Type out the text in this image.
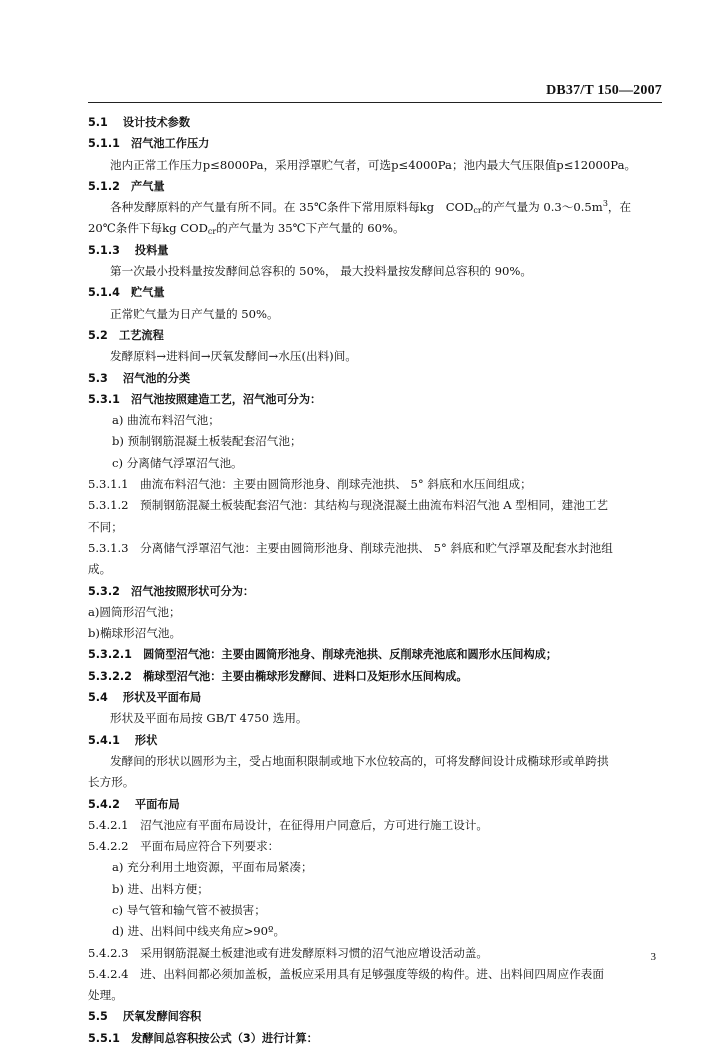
DB37/T 150—2007
5.1　 设计技术参数
5.1.1　沼气池工作压力
池内正常工作压力p≤8000Pa，采用浮罩贮气者，可选p≤4000Pa；池内最大气压限值p≤12000Pa。
5.1.2　产气量
各种发酵原料的产气量有所不同。在 35℃条件下常用原料每kg　$COD_{cr}$的产气量为 $0.3\sim 0.5m^3$，在
20℃条件下每kg $COD_{cr}$的产气量为 35℃下产气量的 60%。
5.1.3　 投料量
第一次最小投料量按发酵间总容积的 50%， 最大投料量按发酵间总容积的 90%。
5.1.4　贮气量
正常贮气量为日产气量的 50%。
5.2　工艺流程
发酵原料→进料间→厌氧发酵间→水压(出料)间。
5.3　 沼气池的分类
5.3.1　沼气池按照建造工艺，沼气池可分为：
a) 曲流布料沼气池；
b) 预制钢筋混凝土板装配套沼气池；
c) 分离储气浮罩沼气池。
5.3.1.1　曲流布料沼气池：主要由圆筒形池身、削球壳池拱、 5° 斜底和水压间组成；
5.3.1.2　预制钢筋混凝土板装配套沼气池：其结构与现浇混凝土曲流布料沼气池 A 型相同，建池工艺
不同；
5.3.1.3　分离储气浮罩沼气池：主要由圆筒形池身、削球壳池拱、 5° 斜底和贮气浮罩及配套水封池组
成。
5.3.2　沼气池按照形状可分为：
a)圆筒形沼气池；
b)椭球形沼气池。
5.3.2.1　圆筒型沼气池：主要由圆筒形池身、削球壳池拱、反削球壳池底和圆形水压间构成；
5.3.2.2　椭球型沼气池：主要由椭球形发酵间、进料口及矩形水压间构成。
5.4　 形状及平面布局
形状及平面布局按 GB/T 4750 选用。
5.4.1　 形状
发酵间的形状以圆形为主，受占地面积限制或地下水位较高的，可将发酵间设计成椭球形或单跨拱
长方形。
5.4.2　 平面布局
5.4.2.1　沼气池应有平面布局设计，在征得用户同意后，方可进行施工设计。
5.4.2.2　平面布局应符合下列要求：
a) 充分利用土地资源，平面布局紧凑；
b) 进、出料方便；
c) 导气管和输气管不被损害；
d) 进、出料间中线夹角应>90º。
5.4.2.3　采用钢筋混凝土板建池或有进发酵原料习惯的沼气池应增设活动盖。
5.4.2.4　进、出料间都必须加盖板，盖板应采用具有足够强度等级的构件。进、出料间四周应作表面
处理。
5.5　 厌氧发酵间容积
5.5.1　发酵间总容积按公式（3）进行计算：
3
